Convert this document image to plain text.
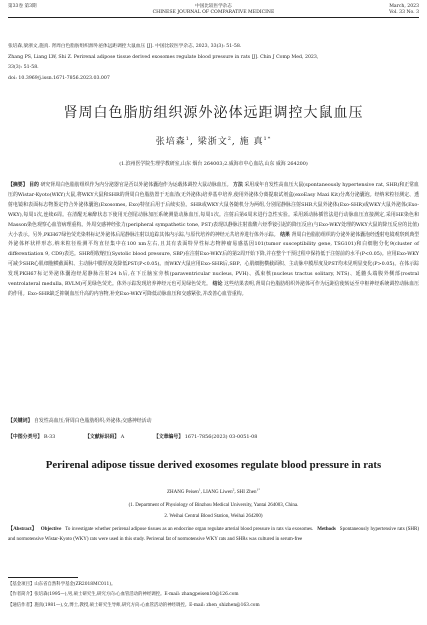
第33卷 第3期	中国比较医学杂志
CHINESE JOURNAL OF COMPARATIVE MEDICINE
March, 2023
Vol. 33 No. 3
张培森,梁浙文,施真. 肾周白色脂肪组织源外泌体远距调控大鼠血压 [J]. 中国比较医学杂志, 2023, 33(3): 51-58.
Zhang PS, Liang LW, Shi Z. Perirenal adipose tissue derived exosomes regulate blood pressure in rats [J]. Chin J Comp Med, 2023,
33(3): 51-58.
doi: 10.3969/j.issn.1671-7856.2023.03.007
肾周白色脂肪组织源外泌体远距调控大鼠血压
张培森$^1$, 梁浙文$^2$, 施 真$^{1*}$
(1.滨州医学院生理学教研室,山东 烟台 264003;2.威海市中心血站,山东 威海 264200)
【摘要】 目的 研究肾周白色脂肪组织作为内分泌器官是否以外泌体囊泡作为运载体调控大鼠动脉血压。 方法 采用成年自发性高血压大鼠(spontaneously hypertensive rat, SHR)和正常血压的Wistar-Kyoto(WKY)大鼠,将WKY大鼠和SHR的肾周白色脂肪置于无血清(无外泌体)培养基中培养,使用外泌体分离提取试剂盒(exoEasy Maxi Kit)分离分泌囊泡。经纳米粒径测定、透射电镜和表面标志物鉴定符合外泌体囊泡(Exosomes, Exo)特征后用于后续实验。SHR或WKY大鼠各随机分为两组,分别尾静脉注射SHR大鼠外泌体(Exo-SHR)或WKY大鼠外泌体(Exo-WKY),每周1次,连续6周。在清醒无麻醉状态下使用无创尾动脉加压系统测量动脉血压,每周1次。注射后第6周末进行急性实验。采用颈动脉插管法进行动脉血压直接测定,采用HE染色和Masson染色观察心血管病理重构。外周交感神经张力(peripheral sympathetic tone, PST)表现以静脉注射盐酸六烃季铵引起的降压反应(与Exo-WKY处理的WKY大鼠的降压反应的比值)大小表示。另外,PKH67绿色荧光染料标记外泌体后尾静脉注射以追踪其体内示踪,与原代培养的神经元共培养进行体外示踪。 结果 肾周白色脂肪组织的分泌外泌体囊泡经透射电镜观察到典型外泌体杯状样形态,纳米粒径检测平均直径集中在100 nm左右,且其有表面特异性标志物肿瘤易感基因101(tumor susceptibility gene, TSG101)和白细胞分化9(cluster of differentiation 9, CD9)表达。SHR组收缩压(Systolic blood pressure, SBP)在注射Exo-WKY后的第2周开始下降,并在整个干预过程中保持低于注射前的水平(P<0.05)。应用Exo-WKY可减少SHR心肌细胞横截面积、主动脉中膜厚度及降低PST(P<0.05)。而WKY大鼠应用Exo-SHR后,SBP、心肌细胞横截面积、主动脉中膜厚度及PST均未见明显变化(P>0.05)。在体示踪发现PKH67标记外泌体囊泡经尾静脉注射24 h后,在下丘脑室旁核(paraventricular nucleus, PVH)、孤束核(nucleus tractus solitary, NTS)、延髓头端腹外侧部(rostral ventrolateral medulla, RVLM)可见绿色荧光。体外示踪发现培养神经元也可见绿色荧光。 结论 这些结果表明,肾周白色脂肪组织外泌体可作为远距信使转运至中枢神经系统调控动脉血压的作用。Exo-SHR缺乏抑制血压升高的内容物,补充Exo-WKY可降低动脉血压和交感紧张,并改善心血管重构。
【关键词】 自发性高血压;肾周白色脂肪组织;外泌体;交感神经活动
【中图分类号】 R-33	【文献标识码】 A	【文章编号】 1671-7856(2023) 03-0051-08
Perirenal adipose tissue derived exosomes regulate blood pressure in rats
ZHANG Peisen$^1$, LIANG Liwen$^2$, SHI Zhen$^{1*}$
(1. Department of Physiology of Binzhou Medical University, Yantai 264003, China.
2. Weihai Central Blood Station, Weihai 264200)
【Abstract】 Objective To investigate whether perirenal adipose tissues as an endocrine organ regulate arterial blood pressure in rats via exosomes. Methods Spontaneously hypertensive rats (SHR) and normotensive Wistar-Kyoto (WKY) rats were used in this study. Perirenal fat of normotensive WKY rats and SHRs was cultured in serum-free
【基金项目】山东省自然科学基金(ZR2018MC011)。
【作者简介】张培森(1995—),男,硕士研究生,研究方向:心血管活动的神经调控。E-mail: zhangpeisen10@126.com
【通信作者】施真(1981—),女,博士,教授,硕士研究生导师,研究方向:心血管活动的神经调控。E-mail: zhen_shizhen@163.com
